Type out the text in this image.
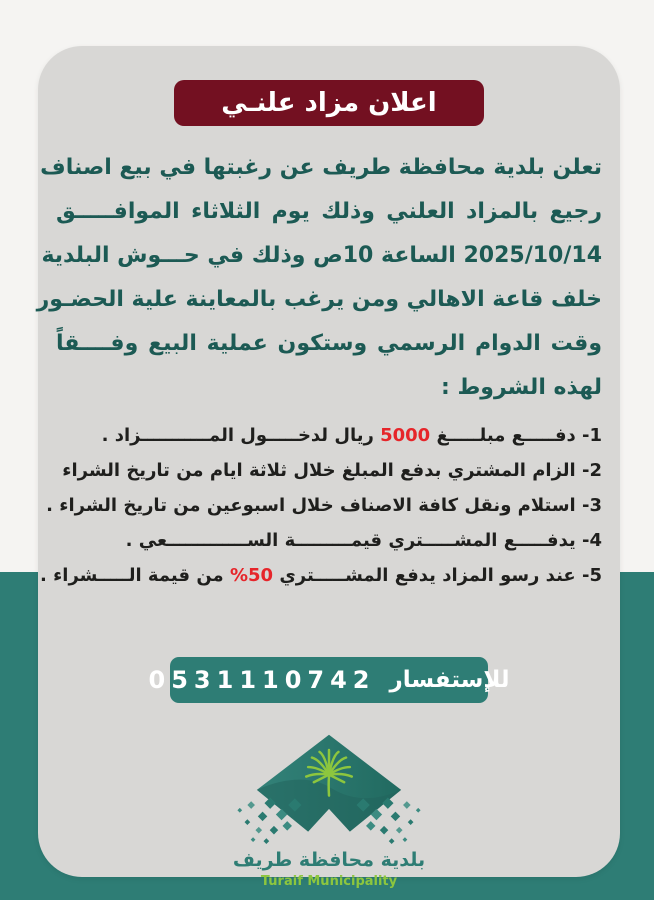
اعلان مزاد علنـي
تعلن بلدية محافظة طريف عن رغبتها في بيع اصناف
رجيع بالمزاد العلني وذلك يوم الثلاثاء الموافـــــق
2025/10/14 الساعة 10ص وذلك في حـــوش البلدية
خلف قاعة الاهالي ومن يرغب بالمعاينة علية الحضـور
وقت الدوام الرسمي وستكون عملية البيع وفــــقاً
لهذه الشروط :
1- دفـــــع مبلـــــغ 5000 ريال لدخـــــول المـــــــــــزاد .
2- الزام المشتري بدفع المبلغ خلال ثلاثة ايام من تاريخ الشراء
3- استلام ونقل كافة الاصناف خلال اسبوعين من تاريخ الشراء .
4- يدفـــــع المشـــــتري قيمـــــــــة الســـــــــــــعي .
5- عند رسو المزاد يدفع المشـــــتري 50% من قيمة الـــــشراء .
للإستفسار
0531110742
بلدية محافظة طريف
Turaif Municipality
